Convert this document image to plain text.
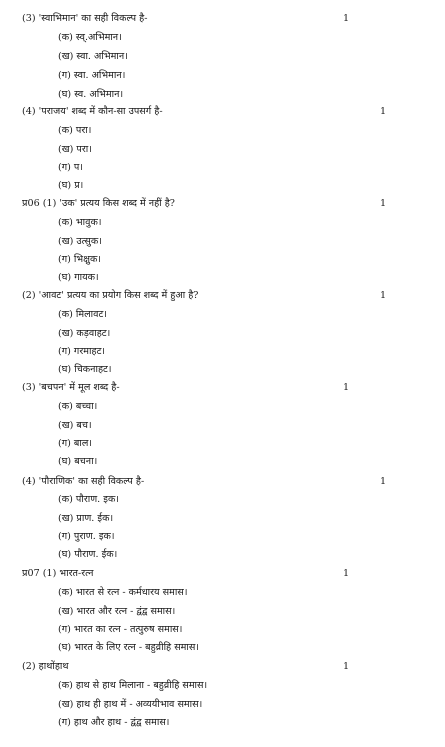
(3) 'स्वाभिमान' का सही विकल्प है-	1
(क) स्व्.अभिमान।
(ख) स्वा. अभिमान।
(ग) स्वा. अभिमान।
(घ) स्व. अभिमान।
(4) 'पराजय' शब्द में कौन-सा उपसर्ग है-	1
(क) परा।
(ख) परा।
(ग) प।
(घ) प्र।
प्र06 (1) 'उक' प्रत्यय किस शब्द में नहीं है?	1
(क) भावुक।
(ख) उत्सुक।
(ग) भिक्षुक।
(घ) गायक।
(2) 'आवट' प्रत्यय का प्रयोग किस शब्द में हुआ है?	1
(क) मिलावट।
(ख) कड़वाहट।
(ग) गरमाहट।
(घ) चिकनाहट।
(3) 'बचपन' में मूल शब्द है-	1
(क) बच्चा।
(ख) बच।
(ग) बाल।
(घ) बचना।
(4) 'पौराणिक' का सही विकल्प है-	1
(क) पौराण. इक।
(ख) प्राण. ईक।
(ग) पुराण. इक।
(घ) पौराण. ईक।
प्र07 (1) भारत-रत्न	1
(क) भारत से रत्न - कर्मधारय समास।
(ख) भारत और रत्न - द्वंद्व समास।
(ग) भारत का रत्न - तत्पुरुष समास।
(घ) भारत के लिए रत्न - बहुव्रीहि समास।
(2) हाथोंहाथ	1
(क) हाथ से हाथ मिलाना - बहुव्रीहि समास।
(ख) हाथ ही हाथ में - अव्ययीभाव समास।
(ग) हाथ और हाथ - द्वंद्व समास।
